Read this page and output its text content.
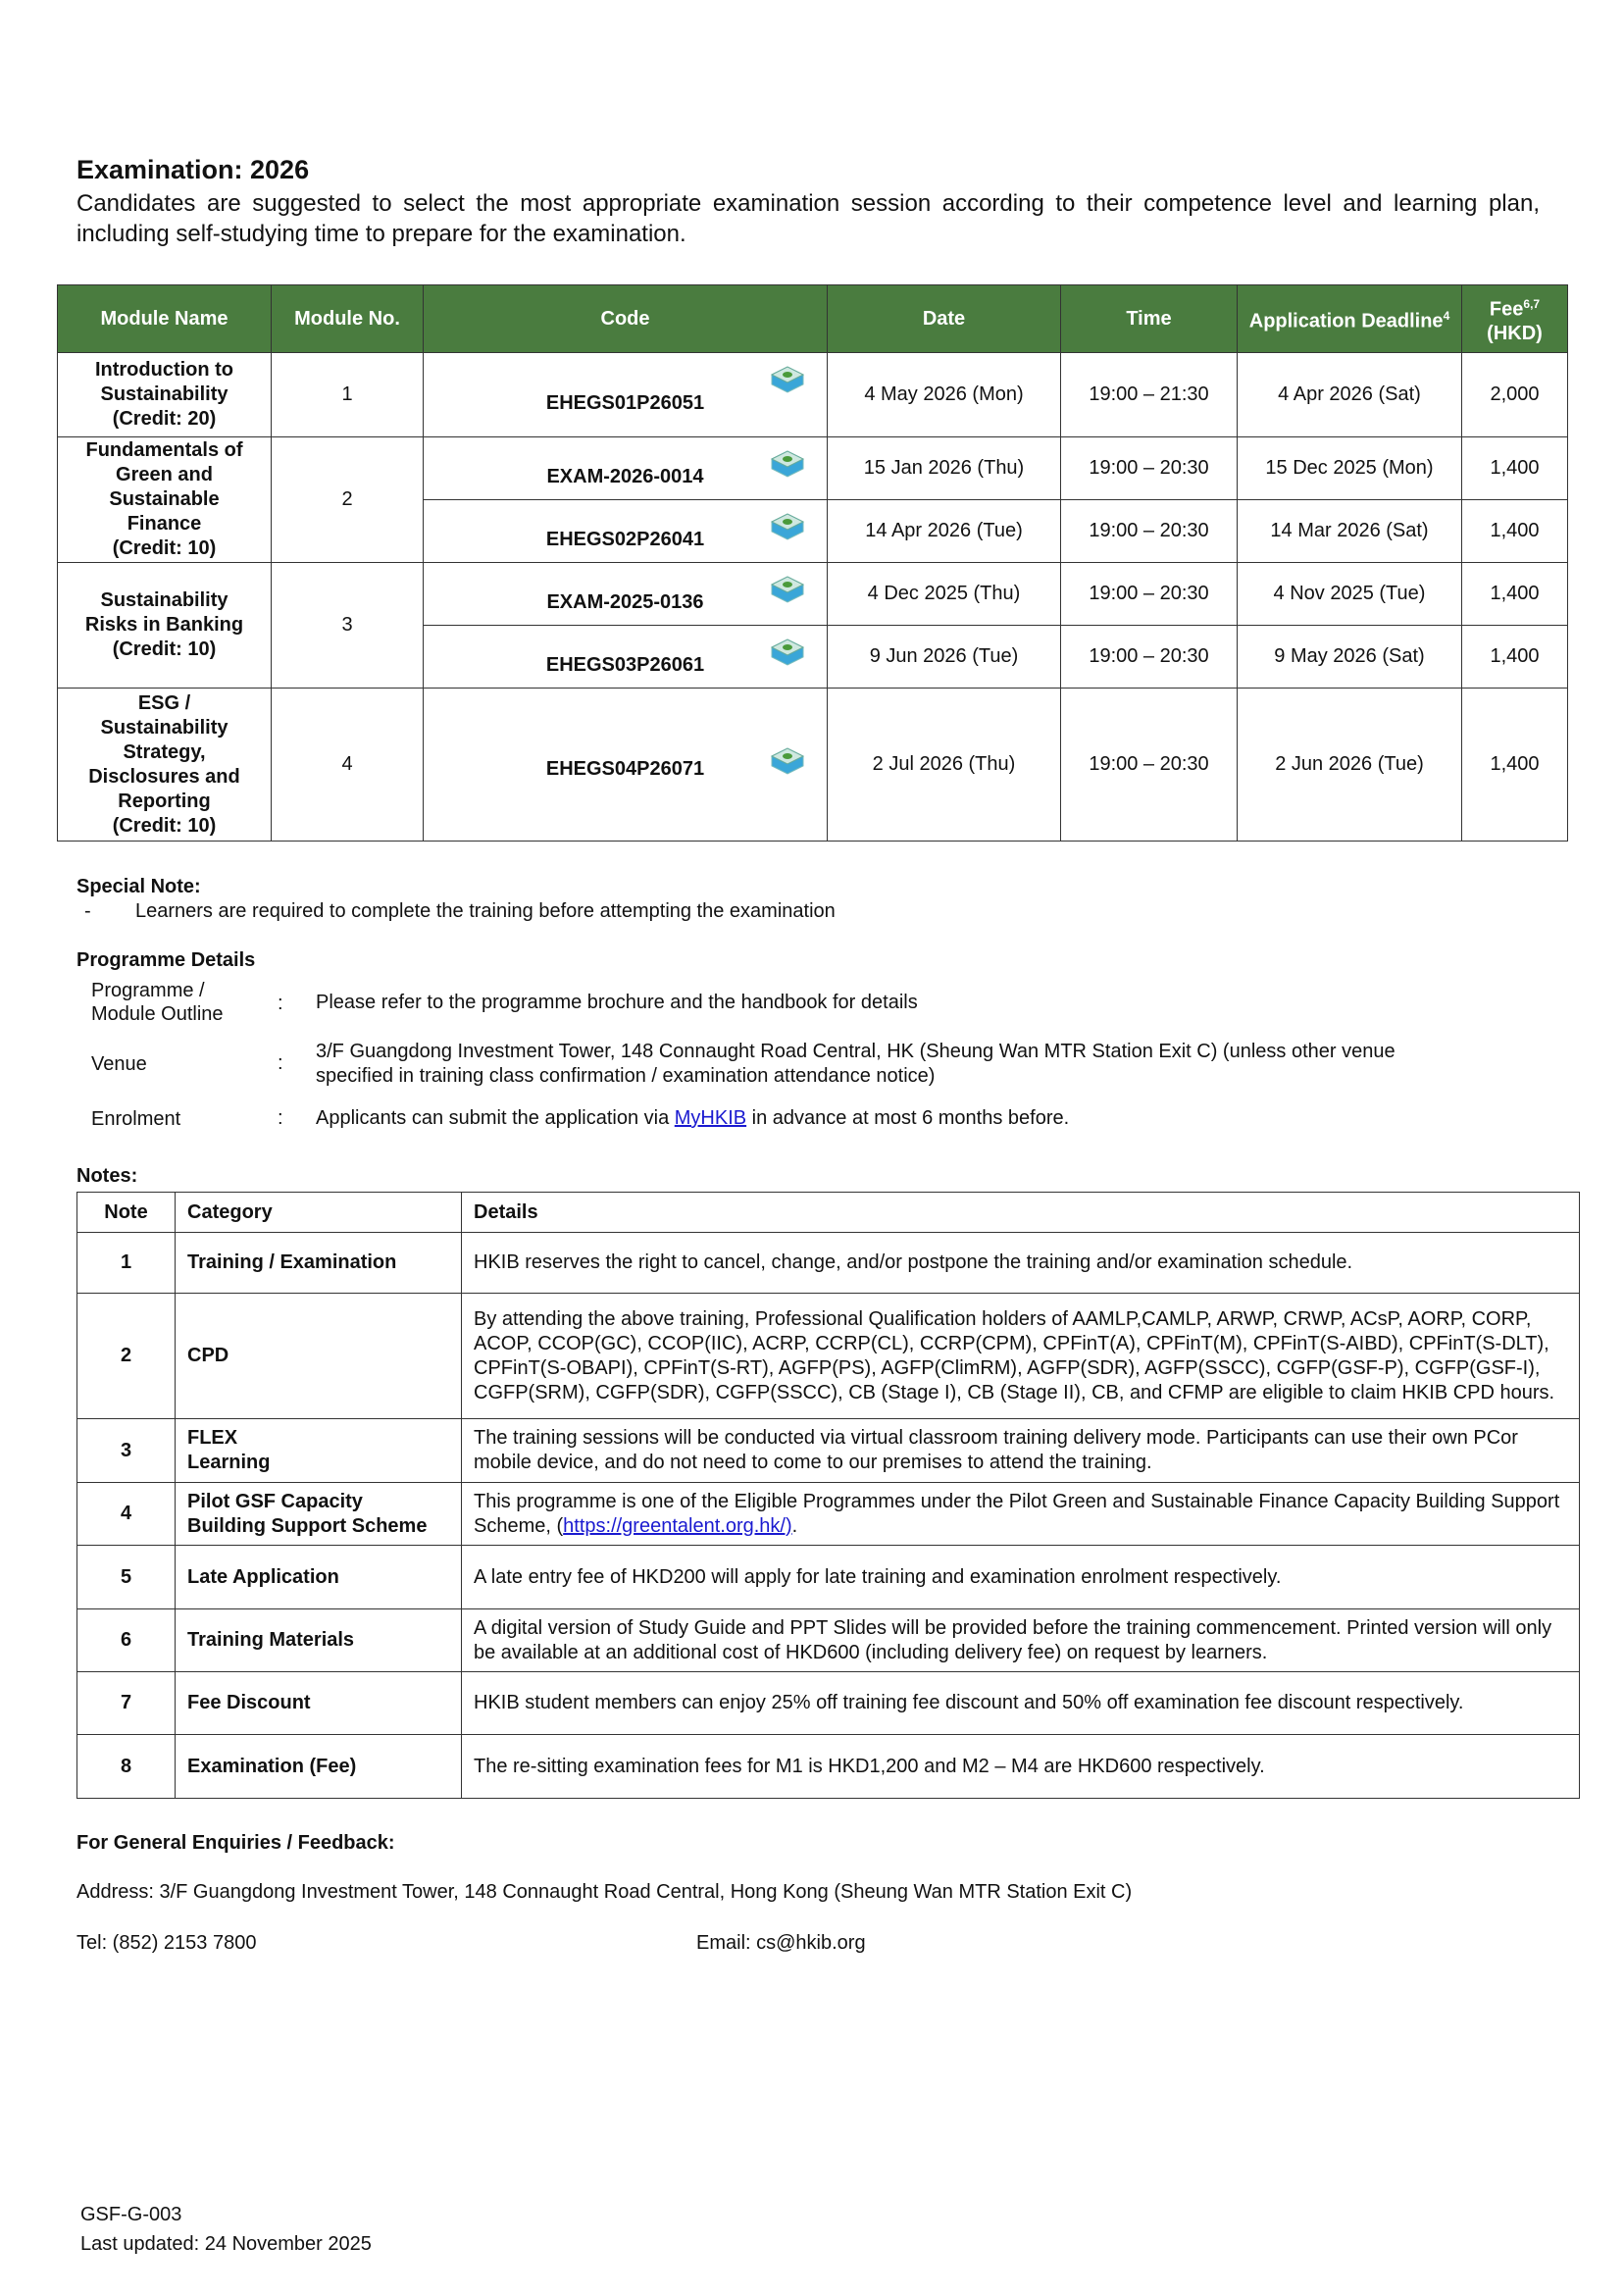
Examination: 2026
Candidates are suggested to select the most appropriate examination session according to their competence level and learning plan, including self-studying time to prepare for the examination.
Module Name	Module No.	Code	Date	Time	Application Deadline$^4$	Fee$^{6,7}$
(HKD)
Introduction to
Sustainability
(Credit: 20)	1	EHEGS01P26051	4 May 2026 (Mon)	19:00 – 21:30	4 Apr 2026 (Sat)	2,000
Fundamentals of
Green and
Sustainable
Finance
(Credit: 10)	2	EXAM-2026-0014	15 Jan 2026 (Thu)	19:00 – 20:30	15 Dec 2025 (Mon)	1,400
		EHEGS02P26041	14 Apr 2026 (Tue)	19:00 – 20:30	14 Mar 2026 (Sat)	1,400
Sustainability
Risks in Banking
(Credit: 10)	3	EXAM-2025-0136	4 Dec 2025 (Thu)	19:00 – 20:30	4 Nov 2025 (Tue)	1,400
		EHEGS03P26061	9 Jun 2026 (Tue)	19:00 – 20:30	9 May 2026 (Sat)	1,400
ESG /
Sustainability
Strategy,
Disclosures and
Reporting
(Credit: 10)	4	EHEGS04P26071	2 Jul 2026 (Thu)	19:00 – 20:30	2 Jun 2026 (Tue)	1,400
Special Note:
- Learners are required to complete the training before attempting the examination
Programme Details
Programme /
Module Outline	: Please refer to the programme brochure and the handbook for details
Venue	:
3/F Guangdong Investment Tower, 148 Connaught Road Central, HK (Sheung Wan MTR Station Exit C) (unless other venue
specified in training class confirmation / examination attendance notice)
Enrolment	: Applicants can submit the application via MyHKIB in advance at most 6 months before.
Notes:
Note	Category	Details
1	Training / Examination	HKIB reserves the right to cancel, change, and/or postpone the training and/or examination schedule.
2	CPD	By attending the above training, Professional Qualification holders of AAMLP,CAMLP, ARWP, CRWP, ACsP, AORP, CORP, ACOP, CCOP(GC), CCOP(IIC), ACRP, CCRP(CL), CCRP(CPM), CPFinT(A), CPFinT(M), CPFinT(S-AIBD), CPFinT(S-DLT), CPFinT(S-OBAPI), CPFinT(S-RT), AGFP(PS), AGFP(ClimRM), AGFP(SDR), AGFP(SSCC), CGFP(GSF-P), CGFP(GSF-I), CGFP(SRM), CGFP(SDR), CGFP(SSCC), CB (Stage I), CB (Stage II), CB, and CFMP are eligible to claim HKIB CPD hours.
3	FLEX
Learning	The training sessions will be conducted via virtual classroom training delivery mode. Participants can use their own PCor mobile device, and do not need to come to our premises to attend the training.
4	Pilot GSF Capacity
Building Support Scheme	This programme is one of the Eligible Programmes under the Pilot Green and Sustainable Finance Capacity Building Support Scheme, (https://greentalent.org.hk/).
5	Late Application	A late entry fee of HKD200 will apply for late training and examination enrolment respectively.
6	Training Materials	A digital version of Study Guide and PPT Slides will be provided before the training commencement. Printed version will only be available at an additional cost of HKD600 (including delivery fee) on request by learners.
7	Fee Discount	HKIB student members can enjoy 25% off training fee discount and 50% off examination fee discount respectively.
8	Examination (Fee)	The re-sitting examination fees for M1 is HKD1,200 and M2 – M4 are HKD600 respectively.
For General Enquiries / Feedback:
Address: 3/F Guangdong Investment Tower, 148 Connaught Road Central, Hong Kong (Sheung Wan MTR Station Exit C)
Tel: (852) 2153 7800	Email: cs@hkib.org
GSF-G-003
Last updated: 24 November 2025
